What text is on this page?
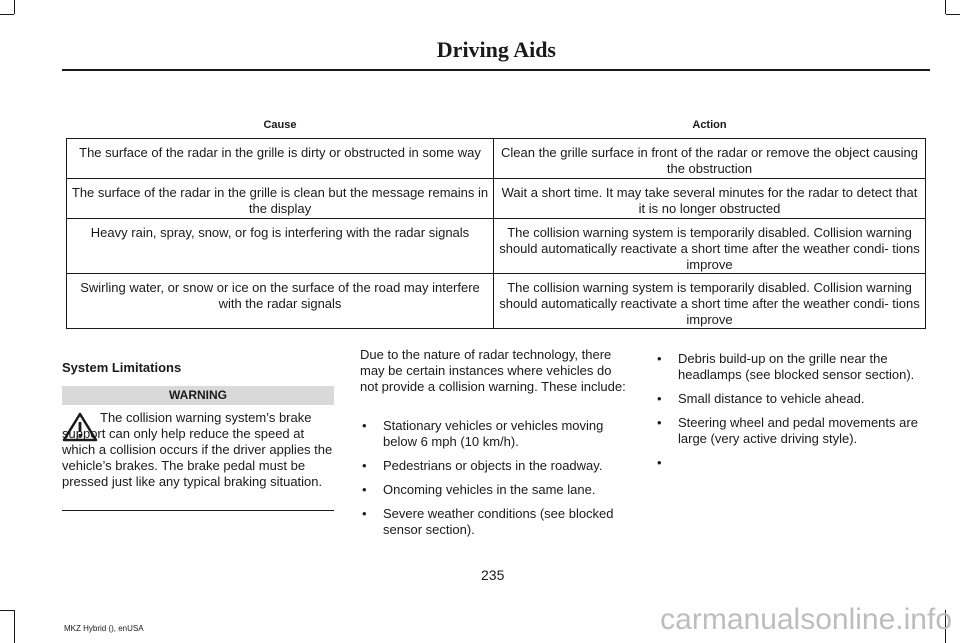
Driving Aids
Cause	Action
The surface of the radar in the grille is dirty or obstructed in some way	Clean the grille surface in front of the radar or remove the object causing the obstruction
The surface of the radar in the grille is clean but the message remains in the display	Wait a short time. It may take several minutes for the radar to detect that it is no longer obstructed
Heavy rain, spray, snow, or fog is interfering with the radar signals	The collision warning system is temporarily disabled. Collision warning should automatically reactivate a short time after the weather condi- tions improve
Swirling water, or snow or ice on the surface of the road may interfere with the radar signals	The collision warning system is temporarily disabled. Collision warning should automatically reactivate a short time after the weather condi- tions improve
System Limitations
WARNING
The collision warning system’s brake support can only help reduce the speed at which a collision occurs if the driver applies the vehicle’s brakes. The brake pedal must be pressed just like any typical braking situation.
Due to the nature of radar technology, there may be certain instances where vehicles do not provide a collision warning. These include:
• Stationary vehicles or vehicles moving below 6 mph (10 km/h).
• Pedestrians or objects in the roadway.
• Oncoming vehicles in the same lane.
• Severe weather conditions (see blocked sensor section).
• Debris build-up on the grille near the headlamps (see blocked sensor section).
• Small distance to vehicle ahead.
• Steering wheel and pedal movements are large (very active driving style).
•
235
MKZ Hybrid (), enUSA	carmanualsonline.info
